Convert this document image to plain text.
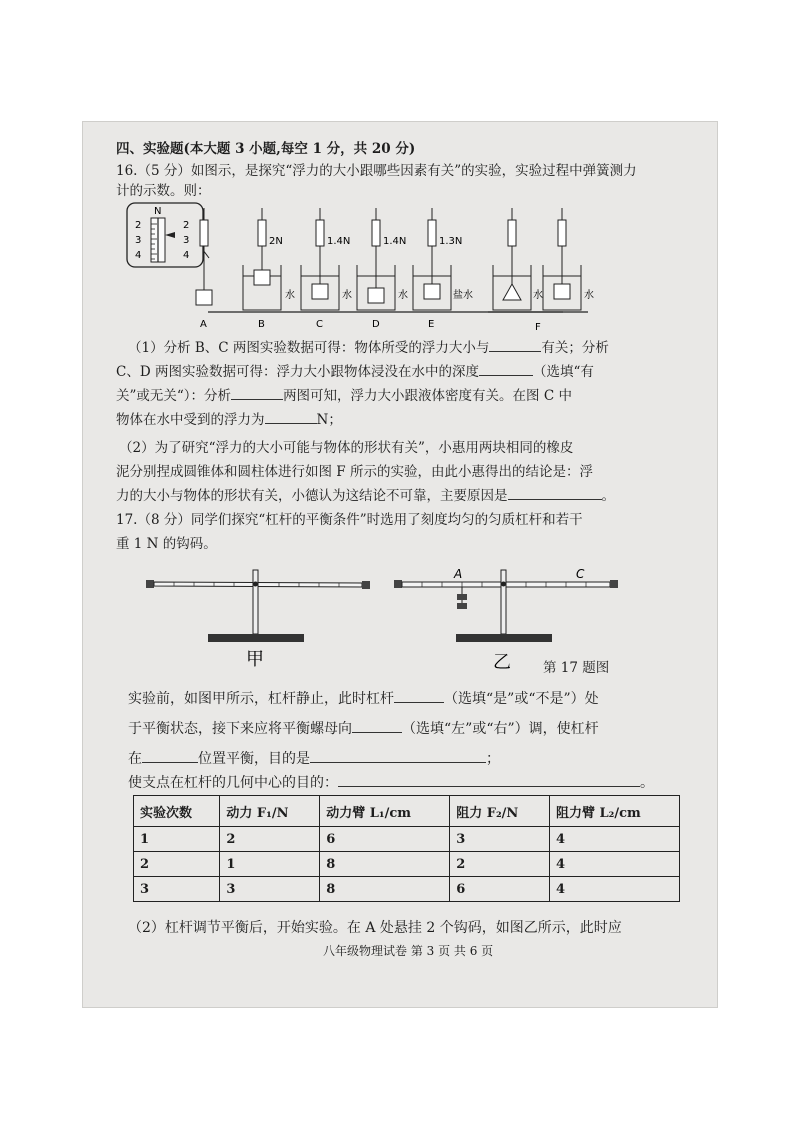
四、实验题(本大题 3 小题,每空 1 分，共 20 分)
16.（5 分）如图示，是探究“浮力的大小跟哪些因素有关”的实验，实验过程中弹簧测力
计的示数。则：
N
2
3
4
2
3
4
2N	1.4N	1.4N	1.3N
水	水	水	盐水	水	水
A	B	C	D	E	F
（1）分析 B、C 两图实验数据可得：物体所受的浮力大小与	有关；分析
C、D 两图实验数据可得：浮力大小跟物体浸没在水中的深度	（选填“有
关”或无关“）：分析	两图可知，浮力大小跟液体密度有关。在图 C 中
物体在水中受到的浮力为	N；
（2）为了研究“浮力的大小可能与物体的形状有关”，小惠用两块相同的橡皮
泥分别捏成圆锥体和圆柱体进行如图 F 所示的实验，由此小惠得出的结论是：浮
力的大小与物体的形状有关，小德认为这结论不可靠，主要原因是	。
17.（8 分）同学们探究“杠杆的平衡条件”时选用了刻度均匀的匀质杠杆和若干
重 1 N 的钩码。
甲
A	C
乙 第 17 题图
实验前，如图甲所示，杠杆静止，此时杠杆	（选填“是”或“不是”）处
于平衡状态，接下来应将平衡螺母向	（选填“左”或“右”）调，使杠杆
在	位置平衡，目的是	；
使支点在杠杆的几何中心的目的：	。
实验次数	动力 F₁/N	动力臂 L₁/cm	阻力 F₂/N	阻力臂 L₂/cm
1	2	6	3	4
2	1	8	2	4
3	3	8	6	4
（2）杠杆调节平衡后，开始实验。在 A 处悬挂 2 个钩码，如图乙所示，此时应
八年级物理试卷 第 3 页 共 6 页
